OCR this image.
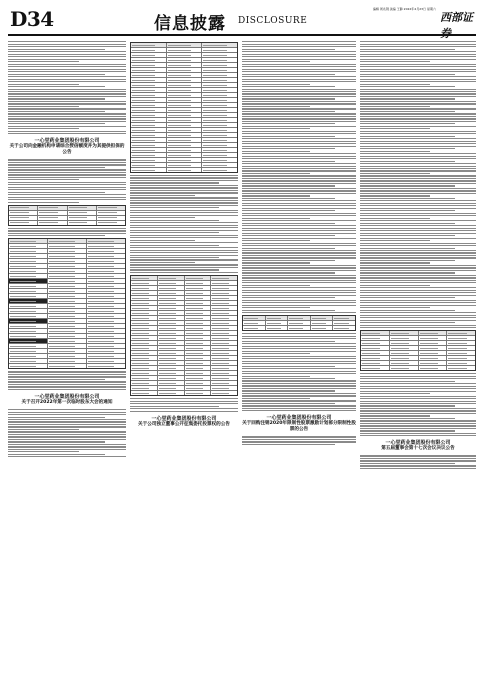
D34	信息披露 DISCLOSURE
编辑 周兆钢 美编 王静 2022年4月23日 星期六
西部证券
一心堂药业集团股份有限公司
关于公司向金融机构申请综合授信额度并为其提供担保的公告
一心堂药业集团股份有限公司
关于召开2022年第一次临时股东大会的通知
一心堂药业集团股份有限公司
关于公司独立董事公开征集委托投票权的公告
一心堂药业集团股份有限公司
关于回购注销2020年限制性股票激励计划部分限制性股票的公告
一心堂药业集团股份有限公司
第五届董事会第十七次会议决议公告
